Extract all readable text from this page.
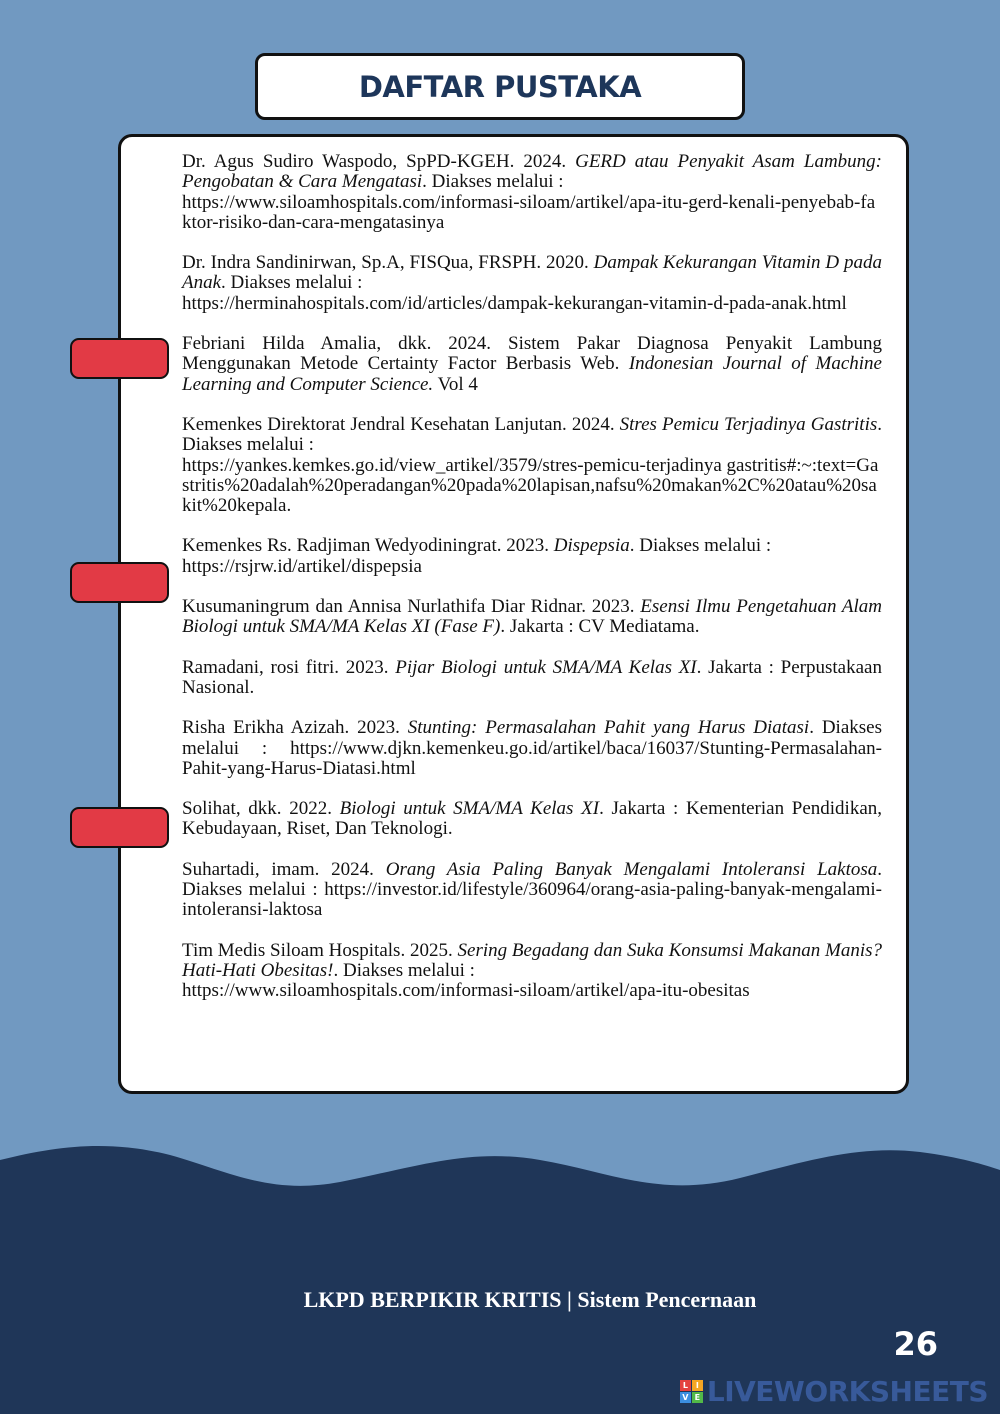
DAFTAR PUSTAKA
Dr. Agus Sudiro Waspodo, SpPD-KGEH. 2024. GERD atau Penyakit Asam Lambung: Pengobatan & Cara Mengatasi. Diakses melalui :
https://www.siloamhospitals.com/informasi-siloam/artikel/apa-itu-gerd-kenali-penyebab-faktor-risiko-dan-cara-mengatasinya
Dr. Indra Sandinirwan, Sp.A, FISQua, FRSPH. 2020. Dampak Kekurangan Vitamin D pada Anak. Diakses melalui :
https://herminahospitals.com/id/articles/dampak-kekurangan-vitamin-d-pada-anak.html
Febriani Hilda Amalia, dkk. 2024. Sistem Pakar Diagnosa Penyakit Lambung Menggunakan Metode Certainty Factor Berbasis Web. Indonesian Journal of Machine Learning and Computer Science. Vol 4
Kemenkes Direktorat Jendral Kesehatan Lanjutan. 2024. Stres Pemicu Terjadinya Gastritis. Diakses melalui :
https://yankes.kemkes.go.id/view_artikel/3579/stres-pemicu-terjadinya gastritis#:~:text=Gastritis%20adalah%20peradangan%20pada%20lapisan,nafsu%20makan%2C%20atau%20sakit%20kepala.
Kemenkes Rs. Radjiman Wedyodiningrat. 2023. Dispepsia. Diakses melalui :
https://rsjrw.id/artikel/dispepsia
Kusumaningrum dan Annisa Nurlathifa Diar Ridnar. 2023. Esensi Ilmu Pengetahuan Alam Biologi untuk SMA/MA Kelas XI (Fase F). Jakarta : CV Mediatama.
Ramadani, rosi fitri. 2023. Pijar Biologi untuk SMA/MA Kelas XI. Jakarta : Perpustakaan Nasional.
Risha Erikha Azizah. 2023. Stunting: Permasalahan Pahit yang Harus Diatasi. Diakses melalui : https://www.djkn.kemenkeu.go.id/artikel/baca/16037/Stunting-Permasalahan-Pahit-yang-Harus-Diatasi.html
Solihat, dkk. 2022. Biologi untuk SMA/MA Kelas XI. Jakarta : Kementerian Pendidikan, Kebudayaan, Riset, Dan Teknologi.
Suhartadi, imam. 2024. Orang Asia Paling Banyak Mengalami Intoleransi Laktosa. Diakses melalui : https://investor.id/lifestyle/360964/orang-asia-paling-banyak-mengalami-intoleransi-laktosa
Tim Medis Siloam Hospitals. 2025. Sering Begadang dan Suka Konsumsi Makanan Manis? Hati-Hati Obesitas!. Diakses melalui :
https://www.siloamhospitals.com/informasi-siloam/artikel/apa-itu-obesitas
LKPD BERPIKIR KRITIS | Sistem Pencernaan
26
L I
V E LIVEWORKSHEETS
